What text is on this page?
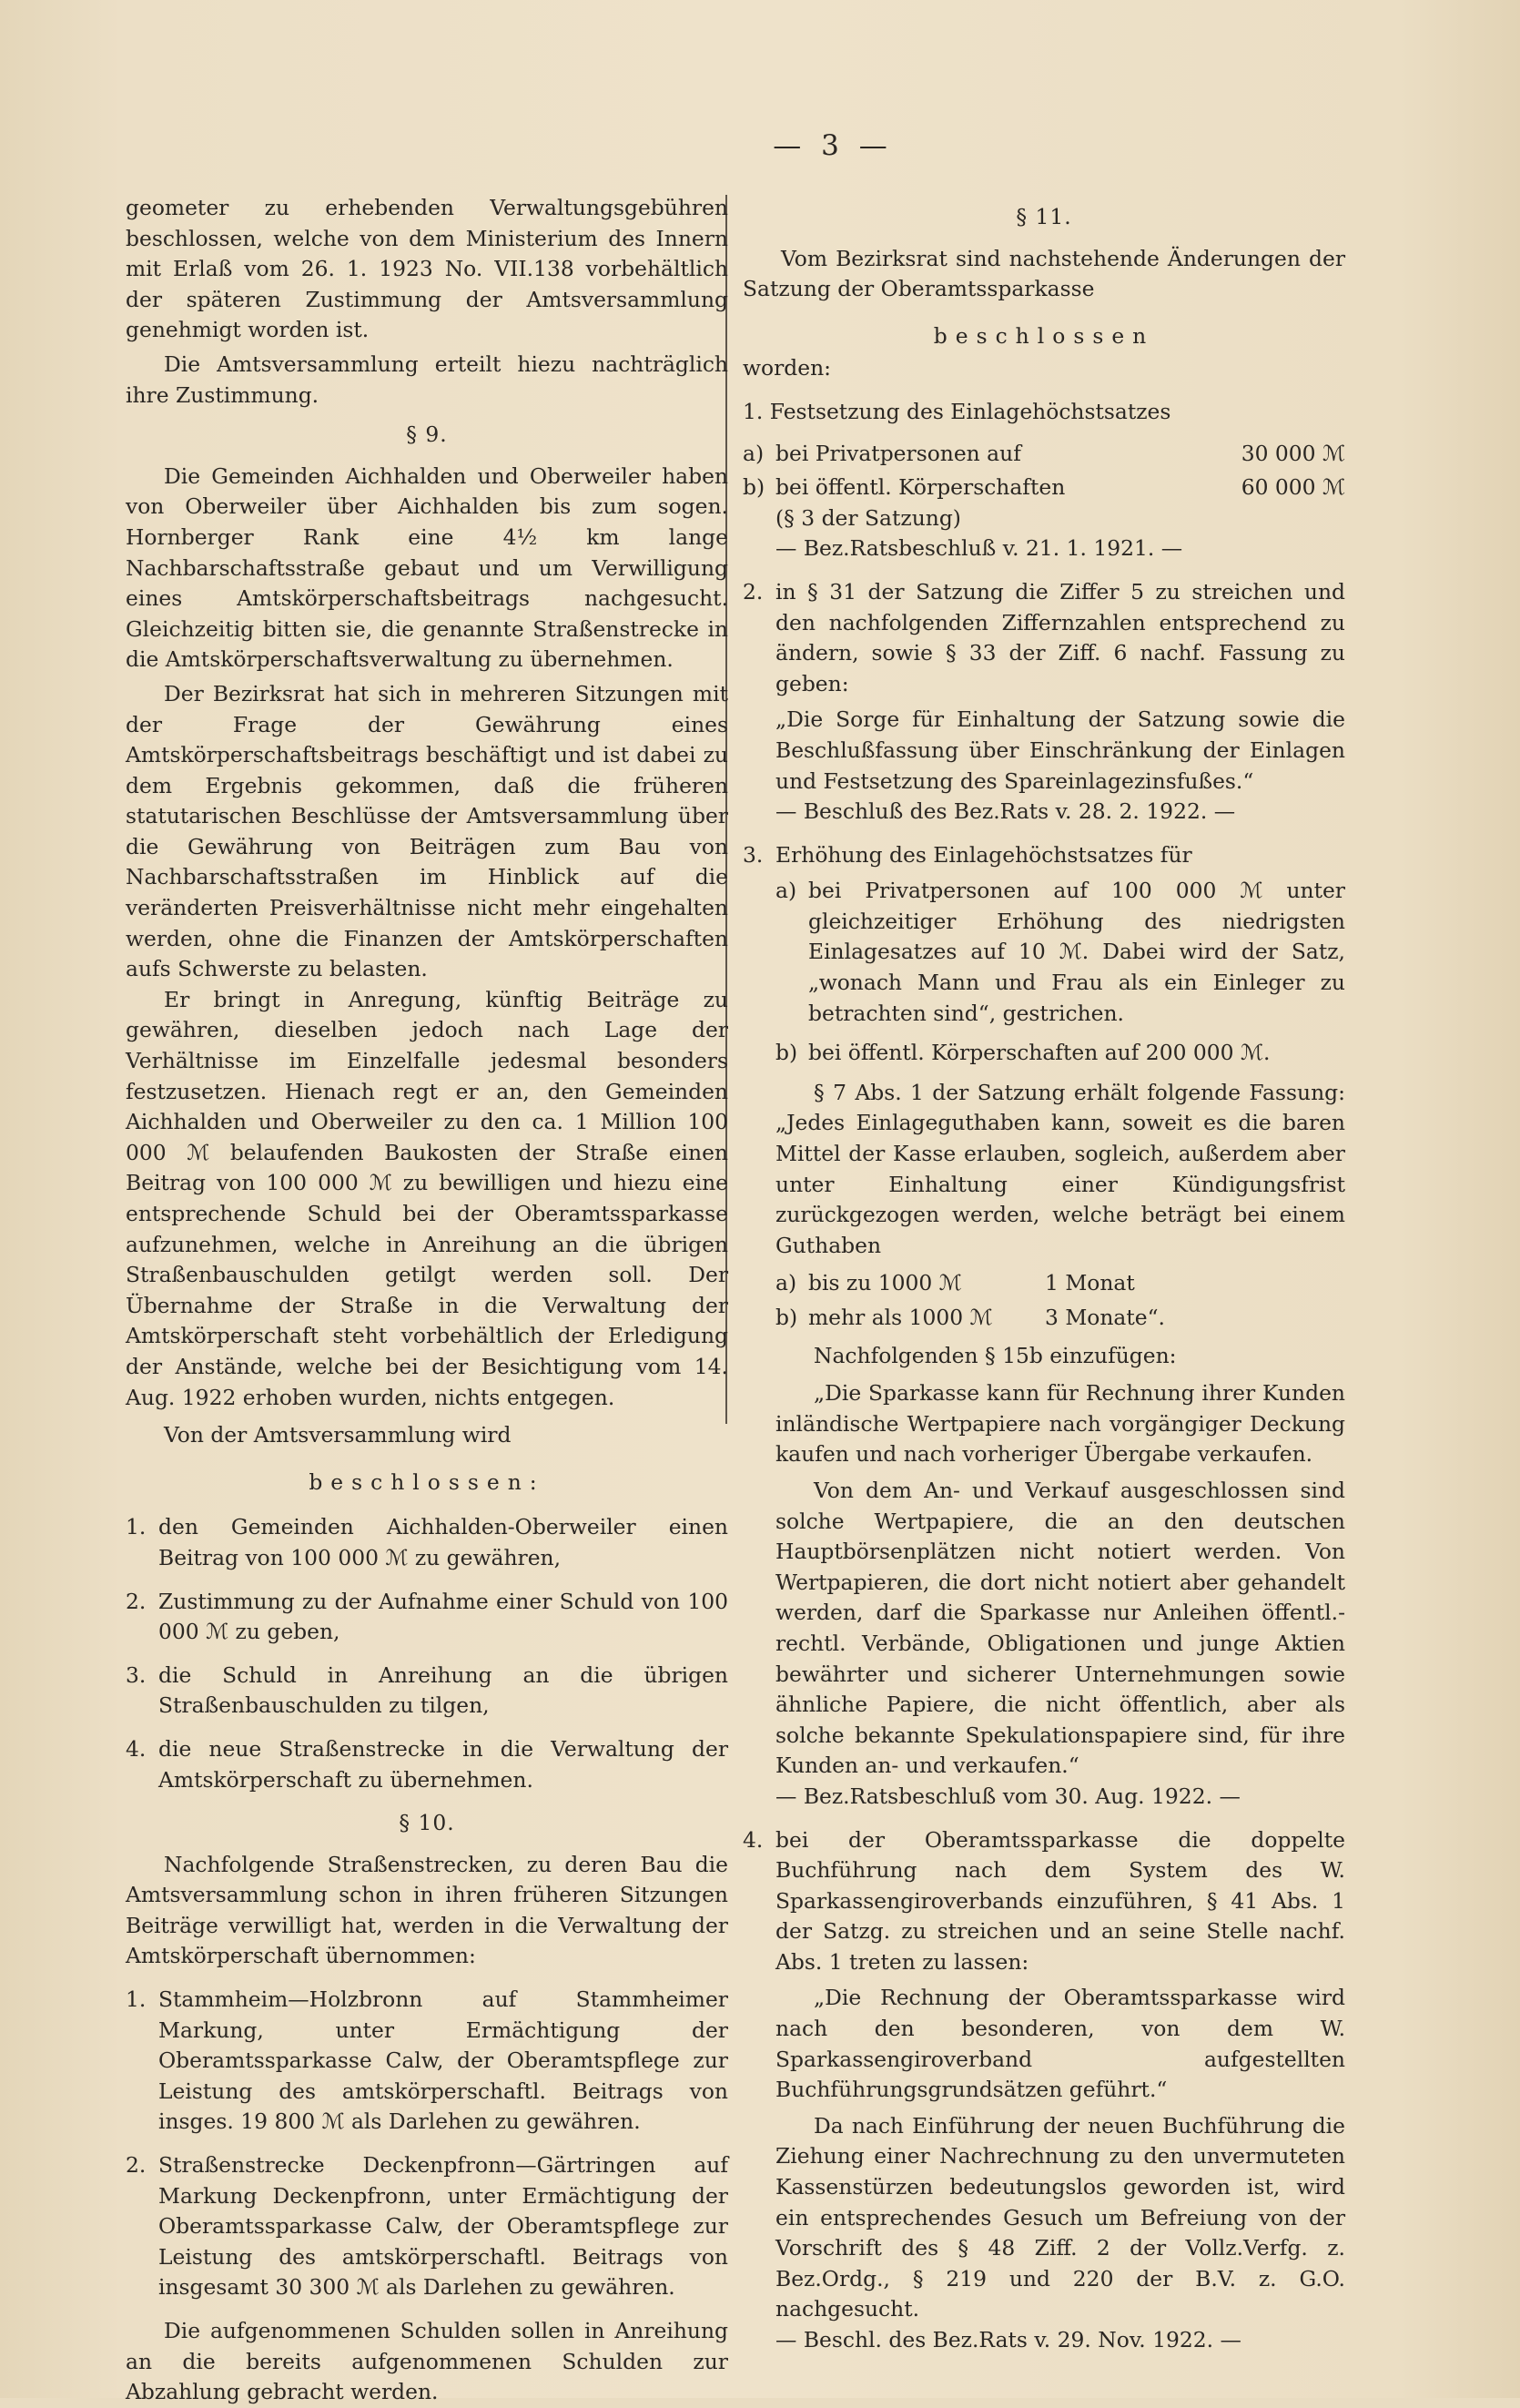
— 3 —

geometer zu erhebenden Verwaltungsgebühren beschlossen, welche von dem Ministerium des Innern mit Erlaß vom 26. 1. 1923 No. VII.138 vorbehältlich der späteren Zustimmung der Amtsversammlung genehmigt worden ist.

Die Amtsversammlung erteilt hiezu nachträglich ihre Zustimmung.

§ 9.

Die Gemeinden Aichhalden und Oberweiler haben von Oberweiler über Aichhalden bis zum sogen. Hornberger Rank eine 4½ km lange Nachbarschaftsstraße gebaut und um Verwilligung eines Amtskörperschaftsbeitrags nachgesucht. Gleichzeitig bitten sie, die genannte Straßenstrecke in die Amtskörperschaftsverwaltung zu übernehmen.

Der Bezirksrat hat sich in mehreren Sitzungen mit der Frage der Gewährung eines Amtskörperschaftsbeitrags beschäftigt und ist dabei zu dem Ergebnis gekommen, daß die früheren statutarischen Beschlüsse der Amtsversammlung über die Gewährung von Beiträgen zum Bau von Nachbarschaftsstraßen im Hinblick auf die veränderten Preisverhältnisse nicht mehr eingehalten werden, ohne die Finanzen der Amtskörperschaften aufs Schwerste zu belasten.

Er bringt in Anregung, künftig Beiträge zu gewähren, dieselben jedoch nach Lage der Verhältnisse im Einzelfalle jedesmal besonders festzusetzen. Hienach regt er an, den Gemeinden Aichhalden und Oberweiler zu den ca. 1 Million 100 000 ℳ belaufenden Baukosten der Straße einen Beitrag von 100 000 ℳ zu bewilligen und hiezu eine entsprechende Schuld bei der Oberamtssparkasse aufzunehmen, welche in Anreihung an die übrigen Straßenbauschulden getilgt werden soll. Der Übernahme der Straße in die Verwaltung der Amtskörperschaft steht vorbehältlich der Erledigung der Anstände, welche bei der Besichtigung vom 14. Aug. 1922 erhoben wurden, nichts entgegen.

Von der Amtsversammlung wird

beschlossen:
1. den Gemeinden Aichhalden-Oberweiler einen Beitrag von 100 000 ℳ zu gewähren,
2. Zustimmung zu der Aufnahme einer Schuld von 100 000 ℳ zu geben,
3. die Schuld in Anreihung an die übrigen Straßenbauschulden zu tilgen,
4. die neue Straßenstrecke in die Verwaltung der Amtskörperschaft zu übernehmen.
§ 10.

Nachfolgende Straßenstrecken, zu deren Bau die Amtsversammlung schon in ihren früheren Sitzungen Beiträge verwilligt hat, werden in die Verwaltung der Amtskörperschaft übernommen:

1. Stammheim—Holzbronn auf Stammheimer Markung, unter Ermächtigung der Oberamtssparkasse Calw, der Oberamtspflege zur Leistung des amtskörperschaftl. Beitrags von insges. 19 800 ℳ als Darlehen zu gewähren.
2. Straßenstrecke Deckenpfronn—Gärtringen auf Markung Deckenpfronn, unter Ermächtigung der Oberamtssparkasse Calw, der Oberamtspflege zur Leistung des amtskörperschaftl. Beitrags von insgesamt 30 300 ℳ als Darlehen zu gewähren.

Die aufgenommenen Schulden sollen in Anreihung an die bereits aufgenommenen Schulden zur Abzahlung gebracht werden.

§ 11.

Vom Bezirksrat sind nachstehende Änderungen der Satzung der Oberamtssparkasse

beschlossen

worden:

1. Festsetzung des Einlagehöchstsatzes

a) bei Privatpersonen auf	30 000 ℳ
b) bei öffentl. Körperschaften	60 000 ℳ

(§ 3 der Satzung)

— Bez.Ratsbeschluß v. 21. 1. 1921. —

2. in § 31 der Satzung die Ziffer 5 zu streichen und den nachfolgenden Ziffernzahlen entsprechend zu ändern, sowie § 33 der Ziff. 6 nachf. Fassung zu geben:

„Die Sorge für Einhaltung der Satzung sowie die Beschlußfassung über Einschränkung der Einlagen und Festsetzung des Spareinlagezinsfußes.“

— Beschluß des Bez.Rats v. 28. 2. 1922. —

3. Erhöhung des Einlagehöchstsatzes für
a) bei Privatpersonen auf 100 000 ℳ unter gleichzeitiger Erhöhung des niedrigsten Einlagesatzes auf 10 ℳ. Dabei wird der Satz, „wonach Mann und Frau als ein Einleger zu betrachten sind“, gestrichen.
b) bei öffentl. Körperschaften auf 200 000 ℳ.

§ 7 Abs. 1 der Satzung erhält folgende Fassung: „Jedes Einlageguthaben kann, soweit es die baren Mittel der Kasse erlauben, sogleich, außerdem aber unter Einhaltung einer Kündigungsfrist zurückgezogen werden, welche beträgt bei einem Guthaben

a) bis zu 1000 ℳ	1 Monat
b) mehr als 1000 ℳ	3 Monate“.

Nachfolgenden § 15b einzufügen:

„Die Sparkasse kann für Rechnung ihrer Kunden inländische Wertpapiere nach vorgängiger Deckung kaufen und nach vorheriger Übergabe verkaufen.

Von dem An- und Verkauf ausgeschlossen sind solche Wertpapiere, die an den deutschen Hauptbörsenplätzen nicht notiert werden. Von Wertpapieren, die dort nicht notiert aber gehandelt werden, darf die Sparkasse nur Anleihen öffentl.-rechtl. Verbände, Obligationen und junge Aktien bewährter und sicherer Unternehmungen sowie ähnliche Papiere, die nicht öffentlich, aber als solche bekannte Spekulationspapiere sind, für ihre Kunden an- und verkaufen.“

— Bez.Ratsbeschluß vom 30. Aug. 1922. —

4. bei der Oberamtssparkasse die doppelte Buchführung nach dem System des W. Sparkassengiroverbands einzuführen, § 41 Abs. 1 der Satzg. zu streichen und an seine Stelle nachf. Abs. 1 treten zu lassen:

„Die Rechnung der Oberamtssparkasse wird nach den besonderen, von dem W. Sparkassengiroverband aufgestellten Buchführungsgrundsätzen geführt.“

Da nach Einführung der neuen Buchführung die Ziehung einer Nachrechnung zu den unvermuteten Kassenstürzen bedeutungslos geworden ist, wird ein entsprechendes Gesuch um Befreiung von der Vorschrift des § 48 Ziff. 2 der Vollz.Verfg. z. Bez.Ordg., § 219 und 220 der B.V. z. G.O. nachgesucht.

— Beschl. des Bez.Rats v. 29. Nov. 1922. —
